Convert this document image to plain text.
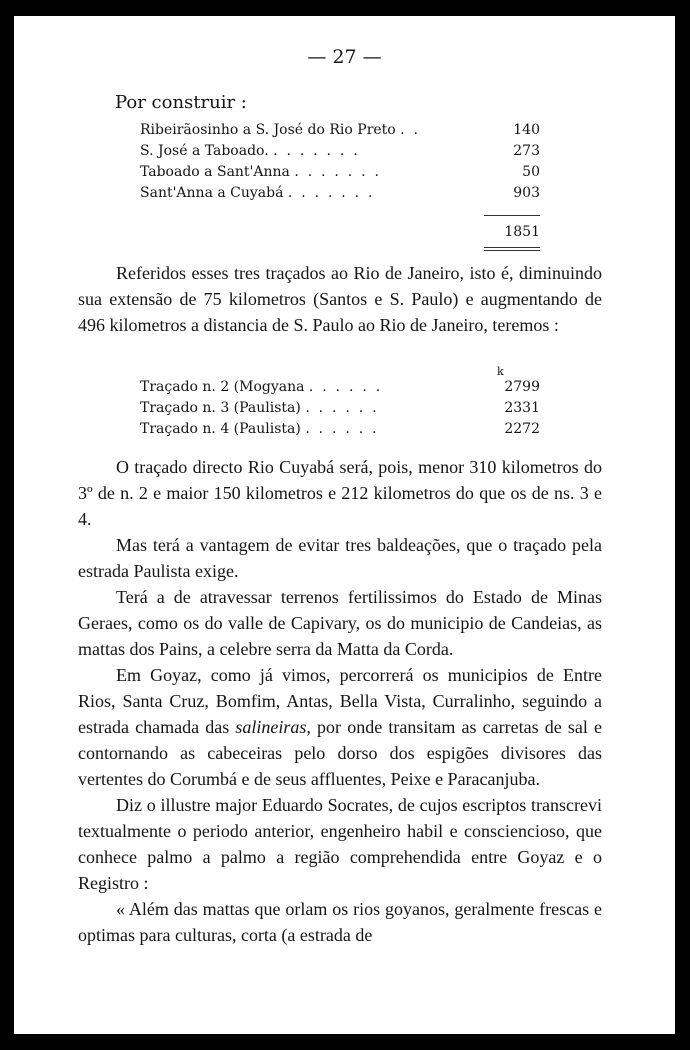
— 27 —
Por construir :
Ribeirãosinho a S. José do Rio Preto .  .	140
S. José a Taboado. .  .  .  .  .  .  .	273
Taboado a Sant'Anna .  .  .  .  .  .  .	50
Sant'Anna a Cuyabá .  .  .  .  .  .  .	903
1851

Referidos esses tres traçados ao Rio de Janeiro, isto é, diminuindo sua extensão de 75 kilometros (Santos e S. Paulo) e augmentando de 496 kilometros a distancia de S. Paulo ao Rio de Janeiro, teremos :

k
Traçado n. 2 (Mogyana .  .  .  .  .  .	2799
Traçado n. 3 (Paulista) .  .  .  .  .  .	2331
Traçado n. 4 (Paulista) .  .  .  .  .  .	2272

O traçado directo Rio Cuyabá será, pois, menor 310 kilometros do 3º de n. 2 e maior 150 kilometros e 212 kilometros do que os de ns. 3 e 4.

Mas terá a vantagem de evitar tres baldeações, que o traçado pela estrada Paulista exige.

Terá a de atravessar terrenos fertilissimos do Estado de Minas Geraes, como os do valle de Capivary, os do municipio de Candeias, as mattas dos Pains, a celebre serra da Matta da Corda.

Em Goyaz, como já vimos, percorrerá os municipios de Entre Rios, Santa Cruz, Bomfim, Antas, Bella Vista, Curralinho, seguindo a estrada chamada das salineiras, por onde transitam as carretas de sal e contornando as cabeceiras pelo dorso dos espigões divisores das vertentes do Corumbá e de seus affluentes, Peixe e Paracanjuba.

Diz o illustre major Eduardo Socrates, de cujos escriptos transcrevi textualmente o periodo anterior, engenheiro habil e consciencioso, que conhece palmo a palmo a região comprehendida entre Goyaz e o Registro :

« Além das mattas que orlam os rios goyanos, geralmente frescas e optimas para culturas, corta (a estrada de
